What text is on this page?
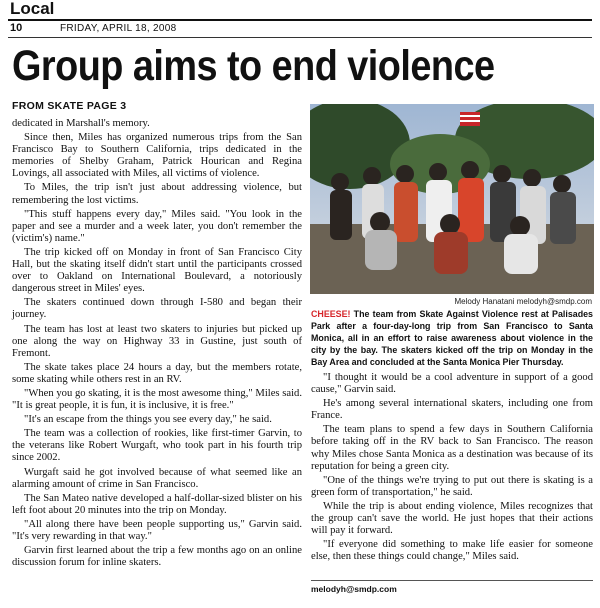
Local
10	FRIDAY, APRIL 18, 2008
Group aims to end violence
FROM SKATE PAGE 3

dedicated in Marshall's memory.

Since then, Miles has organized numerous trips from the San Francisco Bay to Southern California, trips dedicated in the memories of Shelby Graham, Patrick Hourican and Regina Lovings, all associated with Miles, all victims of violence.

To Miles, the trip isn't just about addressing violence, but remembering the lost victims.

"This stuff happens every day," Miles said. "You look in the paper and see a murder and a week later, you don't remember the (victim's) name."

The trip kicked off on Monday in front of San Francisco City Hall, but the skating itself didn't start until the participants crossed over to Oakland on International Boulevard, a notoriously dangerous street in Miles' eyes.

The skaters continued down through I-580 and began their journey.

The team has lost at least two skaters to injuries but picked up one along the way on Highway 33 in Gustine, just south of Fremont.

The skate takes place 24 hours a day, but the members rotate, some skating while others rest in an RV.

"When you go skating, it is the most awesome thing," Miles said. "It is great people, it is fun, it is inclusive, it is free."

"It's an escape from the things you see every day," he said.

The team was a collection of rookies, like first-timer Garvin, to the veterans like Robert Wurgaft, who took part in his fourth trip since 2002.

Wurgaft said he got involved because of what seemed like an alarming amount of crime in San Francisco.

The San Mateo native developed a half-dollar-sized blister on his left foot about 20 minutes into the trip on Monday.

"All along there have been people supporting us," Garvin said. "It's very rewarding in that way."

Garvin first learned about the trip a few months ago on an online discussion forum for inline skaters.

Melody Hanatani melodyh@smdp.com
CHEESE! The team from Skate Against Violence rest at Palisades Park after a four-day-long trip from San Francisco to Santa Monica, all in an effort to raise awareness about violence in the city by the bay. The skaters kicked off the trip on Monday in the Bay Area and concluded at the Santa Monica Pier Thursday.

"I thought it would be a cool adventure in support of a good cause," Garvin said.

He's among several international skaters, including one from France.

The team plans to spend a few days in Southern California before taking off in the RV back to San Francisco. The reason why Miles chose Santa Monica as a destination was because of its reputation for being a green city.

"One of the things we're trying to put out there is skating is a green form of transportation," he said.

While the trip is about ending violence, Miles recognizes that the group can't save the world. He just hopes that their actions will pay it forward.

"If everyone did something to make life easier for someone else, then these things could change," Miles said.

melodyh@smdp.com
